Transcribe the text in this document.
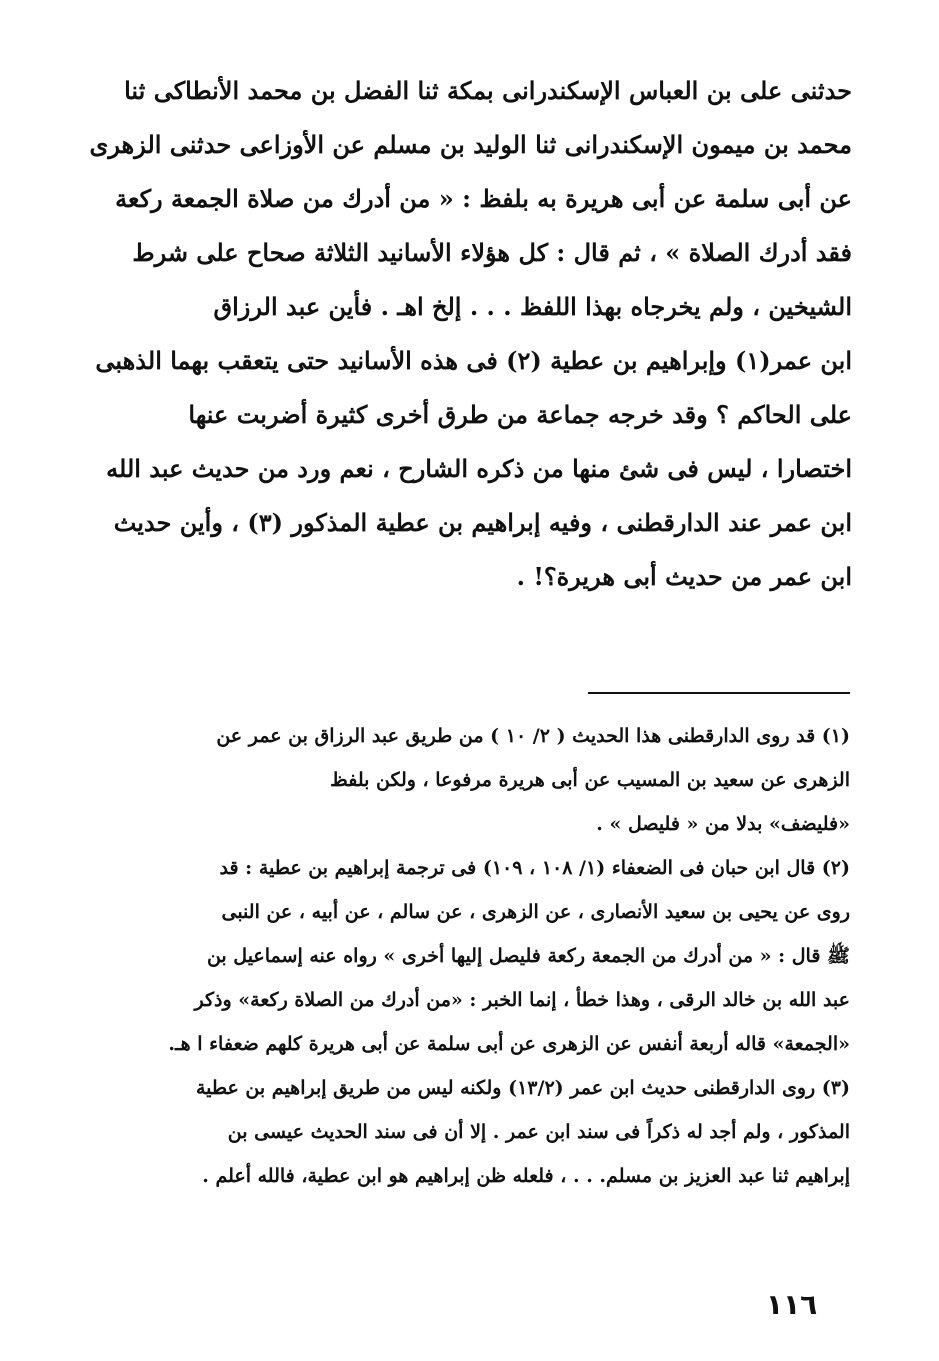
حدثنى على بن العباس الإسكندرانى بمكة ثنا الفضل بن محمد الأنطاكى ثنا
محمد بن ميمون الإسكندرانى ثنا الوليد بن مسلم عن الأوزاعى حدثنى الزهرى
عن أبى سلمة عن أبى هريرة به بلفظ : « من أدرك من صلاة الجمعة ركعة
فقد أدرك الصلاة » ، ثم قال : كل هؤلاء الأسانيد الثلاثة صحاح على شرط
الشيخين ، ولم يخرجاه بهذا اللفظ . . . إلخ اهـ . فأين عبد الرزاق
ابن عمر(١) وإبراهيم بن عطية (٢) فى هذه الأسانيد حتى يتعقب بهما الذهبى
على الحاكم ؟ وقد خرجه جماعة من طرق أخرى كثيرة أضربت عنها
اختصارا ، ليس فى شئ منها من ذكره الشارح ، نعم ورد من حديث عبد الله
ابن عمر عند الدارقطنى ، وفيه إبراهيم بن عطية المذكور (٣) ، وأين حديث
ابن عمر من حديث أبى هريرة؟! .
(١) قد روى الدارقطنى هذا الحديث ( ٢/ ١٠ ) من طريق عبد الرزاق بن عمر عن
الزهرى عن سعيد بن المسيب عن أبى هريرة مرفوعا ، ولكن بلفظ
«فليضف» بدلا من « فليصل » .
(٢) قال ابن حبان فى الضعفاء (١/ ١٠٨ ، ١٠٩) فى ترجمة إبراهيم بن عطية : قد
روى عن يحيى بن سعيد الأنصارى ، عن الزهرى ، عن سالم ، عن أبيه ، عن النبى
ﷺ قال : « من أدرك من الجمعة ركعة فليصل إليها أخرى » رواه عنه إسماعيل بن
عبد الله بن خالد الرقى ، وهذا خطأ ، إنما الخبر : «من أدرك من الصلاة ركعة» وذكر
«الجمعة» قاله أربعة أنفس عن الزهرى عن أبى سلمة عن أبى هريرة كلهم ضعفاء ا هـ.
(٣) روى الدارقطنى حديث ابن عمر (١٣/٢) ولكنه ليس من طريق إبراهيم بن عطية
المذكور ، ولم أجد له ذكراً فى سند ابن عمر . إلا أن فى سند الحديث عيسى بن
إبراهيم ثنا عبد العزيز بن مسلم. . . ، فلعله ظن إبراهيم هو ابن عطية، فالله أعلم .
١١٦
